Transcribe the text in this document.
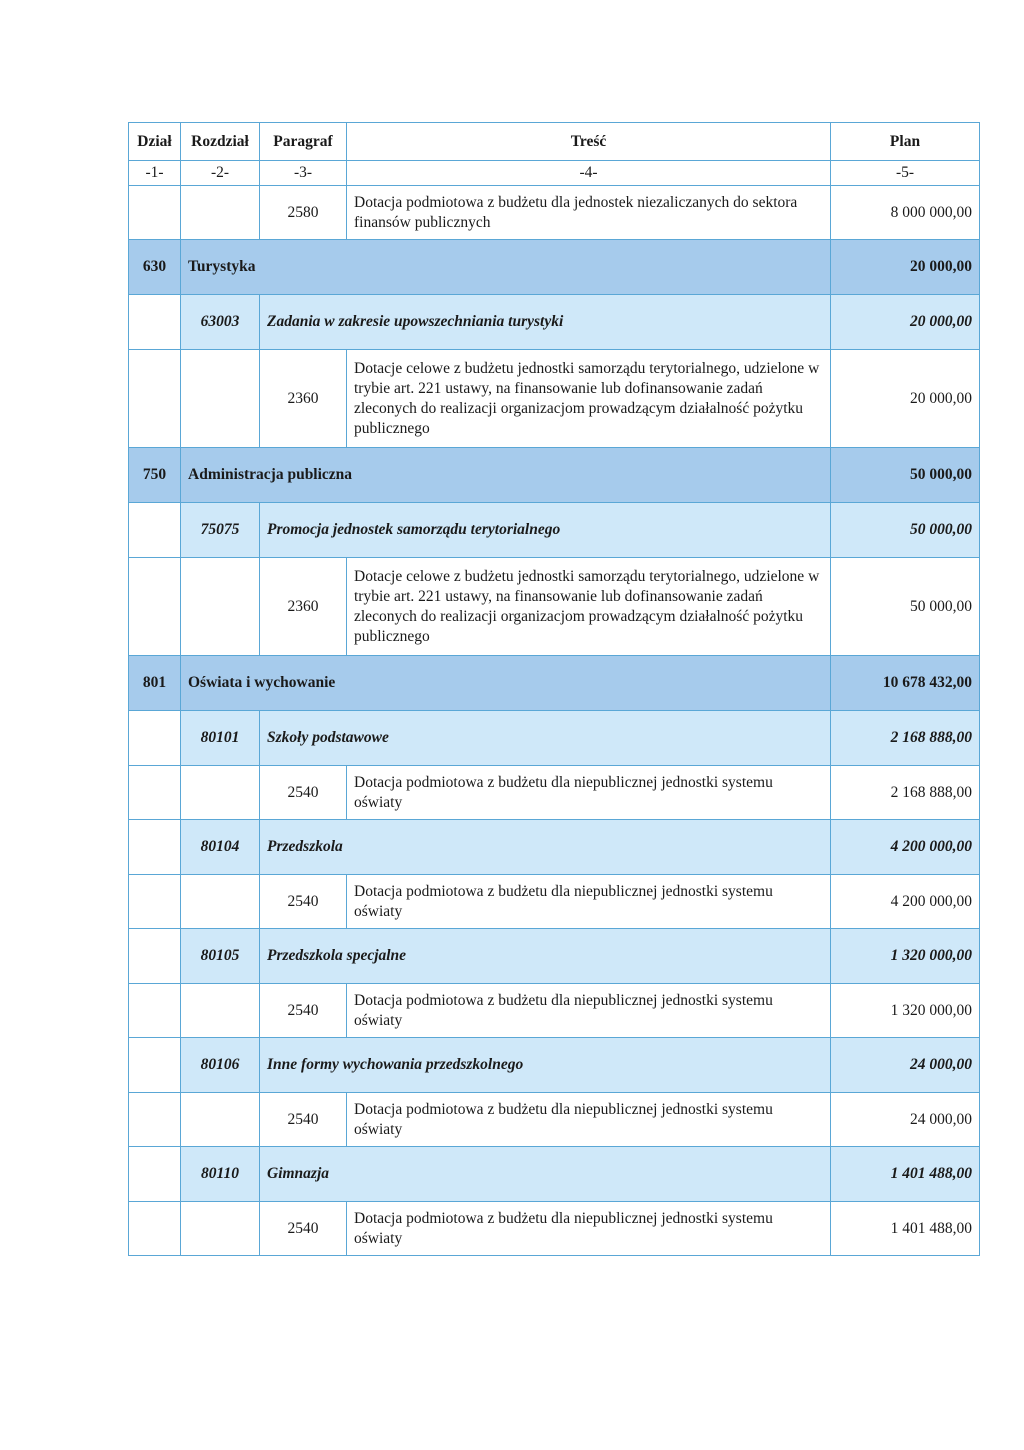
Dział	Rozdział	Paragraf	Treść	Plan
-1-	-2-	-3-	-4-	-5-
		2580	Dotacja podmiotowa z budżetu dla jednostek niezaliczanych do sektora finansów publicznych	8 000 000,00
630	Turystyka			20 000,00
	63003	Zadania w zakresie upowszechniania turystyki		20 000,00
		2360	Dotacje celowe z budżetu jednostki samorządu terytorialnego, udzielone w trybie art. 221 ustawy, na finansowanie lub dofinansowanie zadań zleconych do realizacji organizacjom prowadzącym działalność pożytku publicznego	20 000,00
750	Administracja publiczna			50 000,00
	75075	Promocja jednostek samorządu terytorialnego		50 000,00
		2360	Dotacje celowe z budżetu jednostki samorządu terytorialnego, udzielone w trybie art. 221 ustawy, na finansowanie lub dofinansowanie zadań zleconych do realizacji organizacjom prowadzącym działalność pożytku publicznego	50 000,00
801	Oświata i wychowanie			10 678 432,00
	80101	Szkoły podstawowe		2 168 888,00
		2540	Dotacja podmiotowa z budżetu dla niepublicznej jednostki systemu oświaty	2 168 888,00
	80104	Przedszkola		4 200 000,00
		2540	Dotacja podmiotowa z budżetu dla niepublicznej jednostki systemu oświaty	4 200 000,00
	80105	Przedszkola specjalne		1 320 000,00
		2540	Dotacja podmiotowa z budżetu dla niepublicznej jednostki systemu oświaty	1 320 000,00
	80106	Inne formy wychowania przedszkolnego		24 000,00
		2540	Dotacja podmiotowa z budżetu dla niepublicznej jednostki systemu oświaty	24 000,00
	80110	Gimnazja		1 401 488,00
		2540	Dotacja podmiotowa z budżetu dla niepublicznej jednostki systemu oświaty	1 401 488,00
